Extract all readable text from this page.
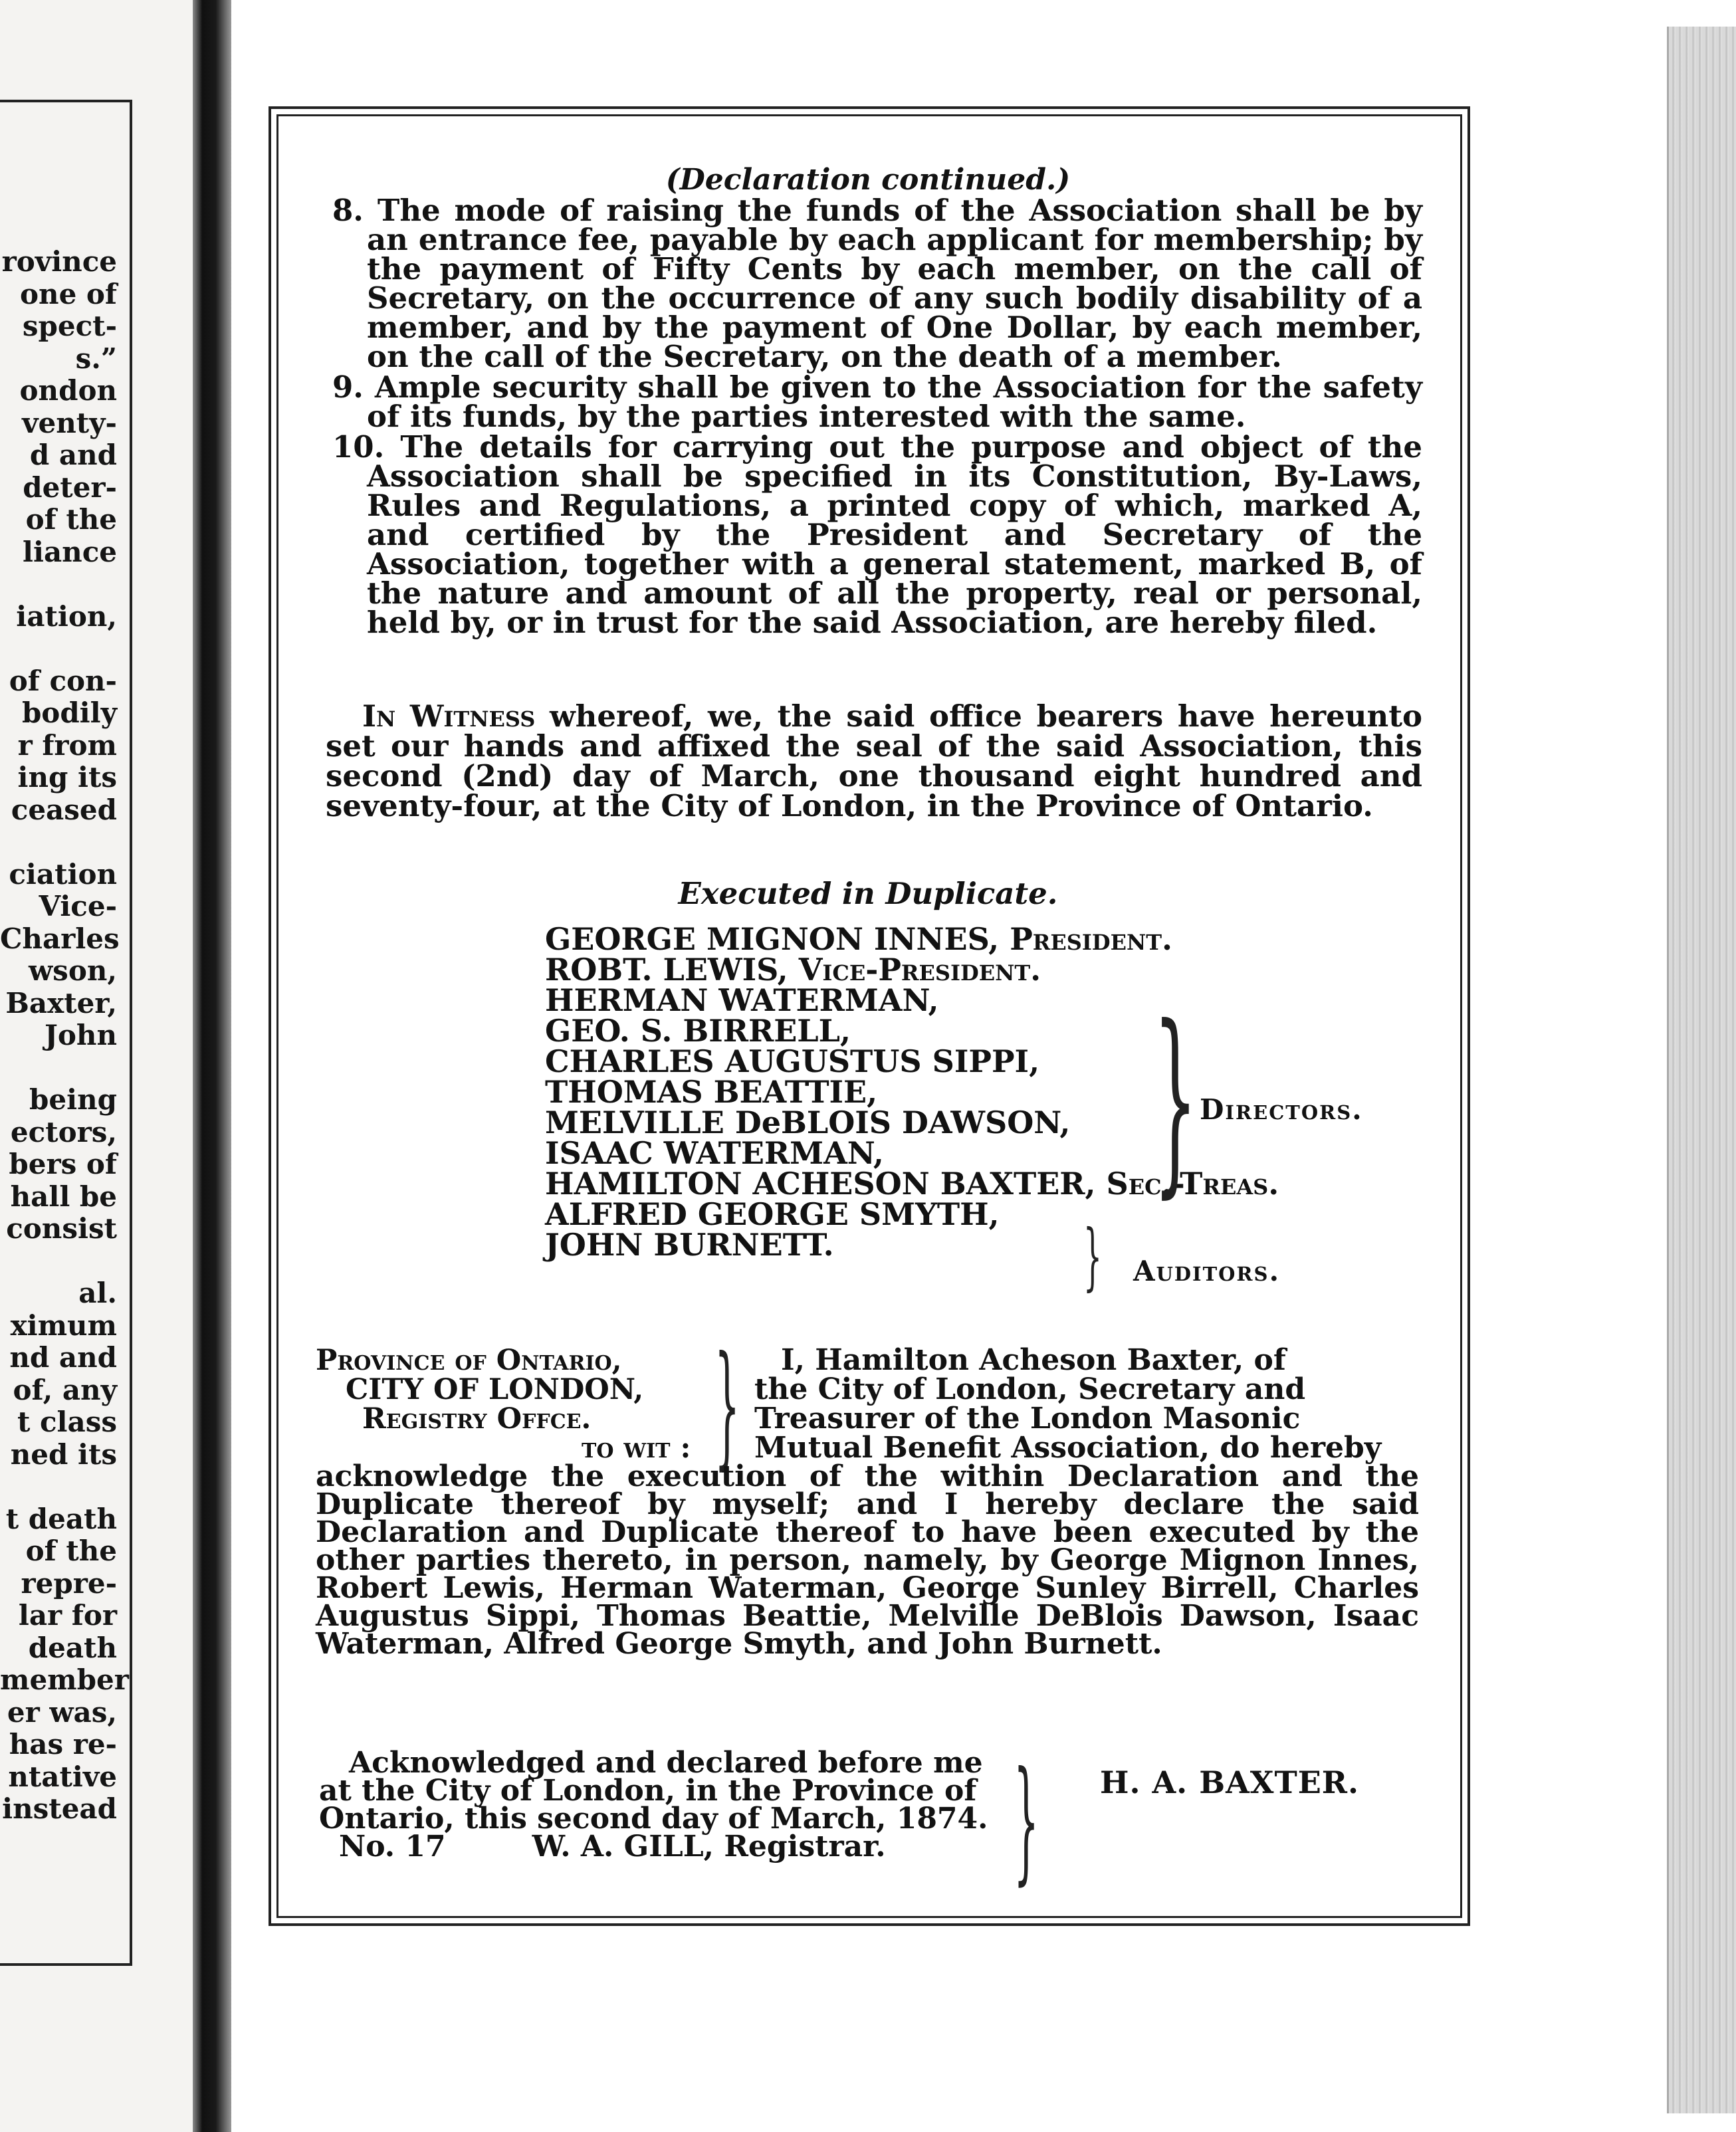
rovince
one of
spect-
s.”
ondon
venty-
d and
deter-
of the
liance
iation,
of con-
bodily
r from
ing its
ceased
ciation
Vice-
Charles
wson,
Baxter,
John
being
ectors,
bers of
hall be
consist
al.
ximum
nd and
of, any
t class
ned its
t death
of the
repre-
lar for
death
member
er was,
has re-
ntative
instead
(Declaration continued.)

8. The mode of raising the funds of the Association shall be by an entrance fee, payable by each applicant for membership; by the payment of Fifty Cents by each member, on the call of Secretary, on the occurrence of any such bodily disability of a member, and by the payment of One Dollar, by each member, on the call of the Secretary, on the death of a member.

9. Ample security shall be given to the Association for the safety of its funds, by the parties interested with the same.

10. The details for carrying out the purpose and object of the Association shall be specified in its Constitution, By-Laws, Rules and Regulations, a printed copy of which, marked A, and certified by the President and Secretary of the Association, together with a general statement, marked B, of the nature and amount of all the property, real or personal, held by, or in trust for the said Association, are hereby filed.

In Witness whereof, we, the said office bearers have hereunto set our hands and affixed the seal of the said Association, this second (2nd) day of March, one thousand eight hundred and seventy-four, at the City of London, in the Province of Ontario.
Executed in Duplicate.
GEORGE MIGNON INNES, President.
ROBT. LEWIS, Vice-President.
HERMAN WATERMAN,
GEO. S. BIRRELL,
CHARLES AUGUSTUS SIPPI,
THOMAS BEATTIE,
MELVILLE DeBLOIS DAWSON,
ISAAC WATERMAN,
HAMILTON ACHESON BAXTER, Sec.-Treas.
ALFRED GEORGE SMYTH,
JOHN BURNETT.
} Directors.
} Auditors.
Province of Ontario,
CITY OF LONDON,
Registry Offce.
to wit : }	I, Hamilton Acheson Baxter, of
the City of London, Secretary and
Treasurer of the London Masonic
Mutual Benefit Association, do hereby
acknowledge the execution of the within Declaration and the Duplicate thereof by myself; and I hereby declare the said Declaration and Duplicate thereof to have been executed by the other parties thereto, in person, namely, by George Mignon Innes, Robert Lewis, Herman Waterman, George Sunley Birrell, Charles Augustus Sippi, Thomas Beattie, Melville DeBlois Dawson, Isaac Waterman, Alfred George Smyth, and John Burnett.
Acknowledged and declared before me
at the City of London, in the Province of
Ontario, this second day of March, 1874.
No. 17	W. A. GILL, Registrar. } H. A. BAXTER.
